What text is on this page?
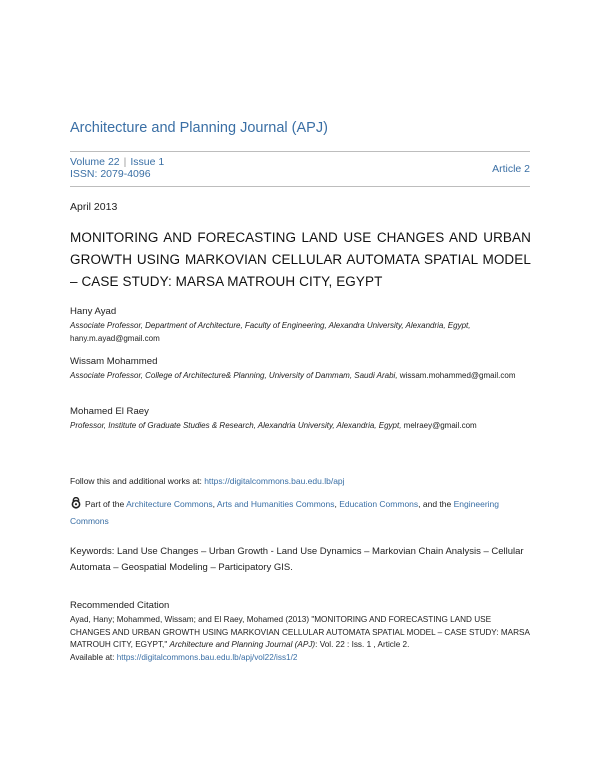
Architecture and Planning Journal (APJ)
Volume 22 | Issue 1
ISSN: 2079-4096	Article 2
April 2013
MONITORING AND FORECASTING LAND USE CHANGES AND URBAN GROWTH USING MARKOVIAN CELLULAR AUTOMATA SPATIAL MODEL – CASE STUDY: MARSA MATROUH CITY, EGYPT
Hany Ayad
Associate Professor, Department of Architecture, Faculty of Engineering, Alexandra University, Alexandria, Egypt, hany.m.ayad@gmail.com
Wissam Mohammed
Associate Professor, College of Architecture& Planning, University of Dammam, Saudi Arabi, wissam.mohammed@gmail.com
Mohamed El Raey
Professor, Institute of Graduate Studies & Research, Alexandria University, Alexandria, Egypt, melraey@gmail.com
Follow this and additional works at: https://digitalcommons.bau.edu.lb/apj
Part of the Architecture Commons, Arts and Humanities Commons, Education Commons, and the Engineering Commons
Keywords: Land Use Changes – Urban Growth - Land Use Dynamics – Markovian Chain Analysis – Cellular Automata – Geospatial Modeling – Participatory GIS.
Recommended Citation
Ayad, Hany; Mohammed, Wissam; and El Raey, Mohamed (2013) "MONITORING AND FORECASTING LAND USE CHANGES AND URBAN GROWTH USING MARKOVIAN CELLULAR AUTOMATA SPATIAL MODEL – CASE STUDY: MARSA MATROUH CITY, EGYPT," Architecture and Planning Journal (APJ): Vol. 22 : Iss. 1 , Article 2.
Available at: https://digitalcommons.bau.edu.lb/apj/vol22/iss1/2
